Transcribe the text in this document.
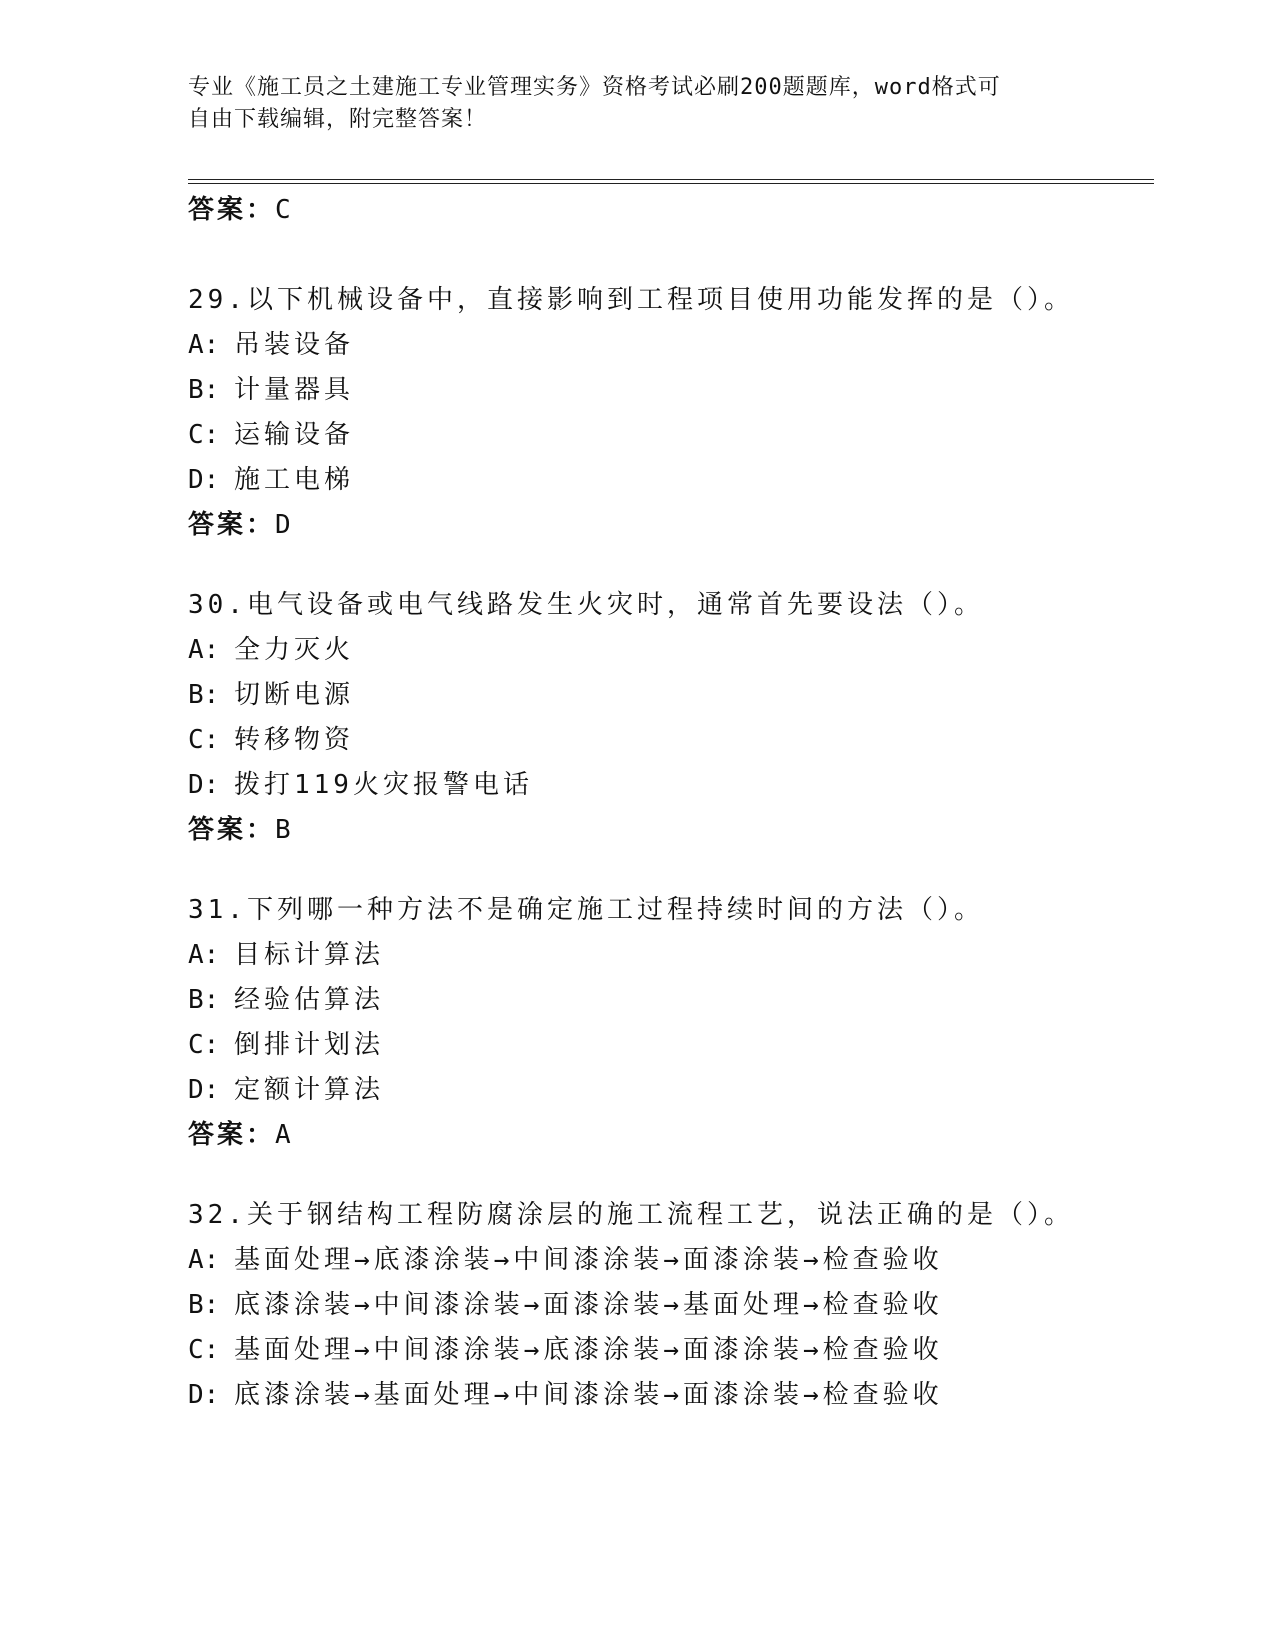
专业《施工员之土建施工专业管理实务》资格考试必刷200题题库，word格式可
自由下载编辑，附完整答案！
答案：C

29.以下机械设备中，直接影响到工程项目使用功能发挥的是（）。

A: 吊装设备
B: 计量器具
C: 运输设备
D: 施工电梯
答案：D

30.电气设备或电气线路发生火灾时，通常首先要设法（）。

A: 全力灭火
B: 切断电源
C: 转移物资
D: 拨打119火灾报警电话
答案：B

31.下列哪一种方法不是确定施工过程持续时间的方法（）。

A: 目标计算法
B: 经验估算法
C: 倒排计划法
D: 定额计算法
答案：A

32.关于钢结构工程防腐涂层的施工流程工艺，说法正确的是（）。

A: 基面处理→底漆涂装→中间漆涂装→面漆涂装→检查验收
B: 底漆涂装→中间漆涂装→面漆涂装→基面处理→检查验收
C: 基面处理→中间漆涂装→底漆涂装→面漆涂装→检查验收
D: 底漆涂装→基面处理→中间漆涂装→面漆涂装→检查验收
